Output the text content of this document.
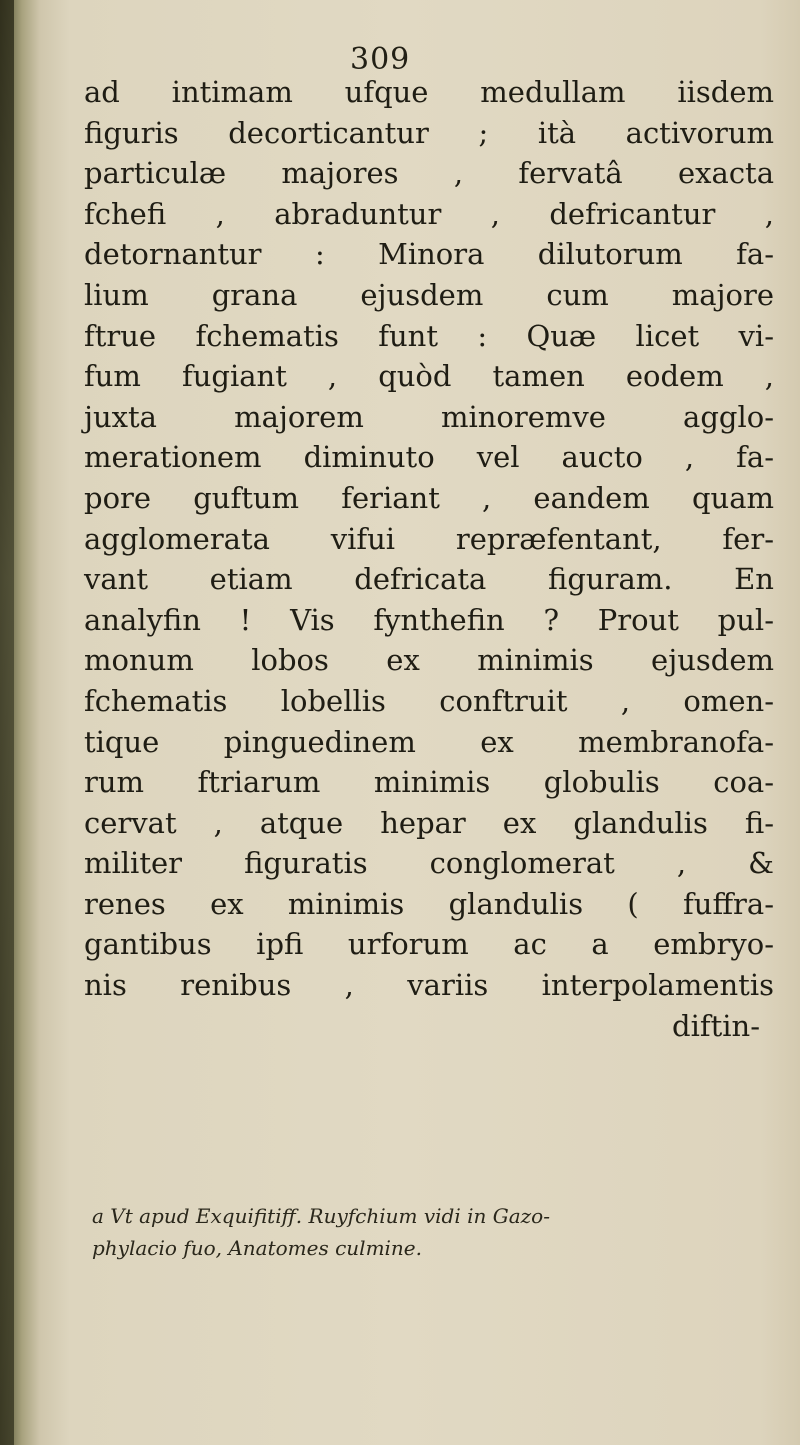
309
ad intimam ufque medullam iisdem
figuris decorticantur ; ità activorum
particulæ majores , fervatâ exacta
fchefi , abraduntur , defricantur ,
detornantur : Minora dilutorum fa-
lium grana ejusdem cum majore
ftrue fchematis funt : Quæ licet vi-
fum fugiant , quòd tamen eodem ,
juxta majorem minoremve agglo-
merationem diminuto vel aucto , fa-
pore guftum feriant , eandem quam
agglomerata vifui repræfentant, fer-
vant etiam defricata figuram. En
analyfin ! Vis fynthefin ? Prout pul-
monum lobos ex minimis ejusdem
fchematis lobellis conftruit , omen-
tique pinguedinem ex membranofa-
rum ftriarum minimis globulis coa-
cervat , atque hepar ex glandulis fi-
militer figuratis conglomerat , &
renes ex minimis glandulis ( fuffra-
gantibus ipfi urforum ac a embryo-
nis renibus , variis interpolamentis
diftin-
a Vt apud Exquifitiff. Ruyfchium vidi in Gazo-
phylacio fuo, Anatomes culmine.
